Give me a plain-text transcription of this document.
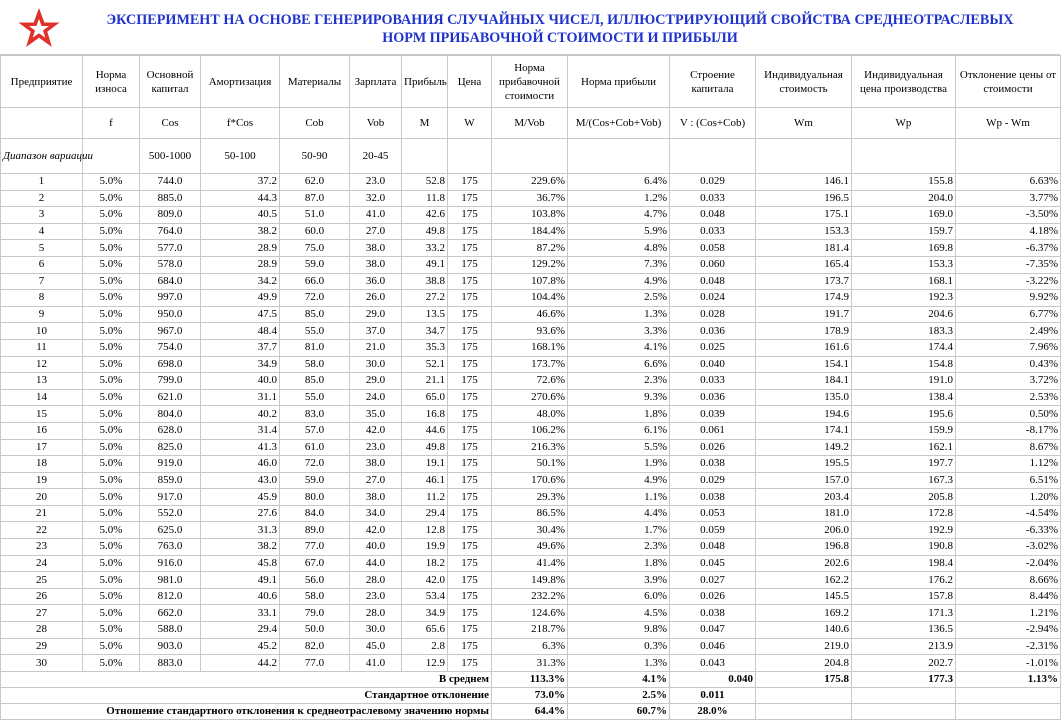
ЭКСПЕРИМЕНТ НА ОСНОВЕ ГЕНЕРИРОВАНИЯ СЛУЧАЙНЫХ ЧИСЕЛ, ИЛЛЮСТРИРУЮЩИЙ СВОЙСТВА СРЕДНЕОТРАСЛЕВЫХ
НОРМ ПРИБАВОЧНОЙ СТОИМОСТИ И ПРИБЫЛИ
Предприятие	Норма износа	Основной капитал	Амортизация	Материалы	Зарплата	Прибыль	Цена	Норма прибавочной стоимости	Норма прибыли	Строение капитала	Индивидуальная стоимость	Индивидуальная цена производства	Отклонение цены от стоимости
	f	Cos	f*Cos	Cob	Vob	M	W	M/Vob	M/(Cos+Cob+Vob)	V : (Cos+Cob)	Wm	Wp	Wp - Wm
Диапазон вариации		500-1000	50-100	50-90	20-45								
1	5.0%	744.0	37.2	62.0	23.0	52.8	175	229.6%	6.4%	0.029	146.1	155.8	6.63%
2	5.0%	885.0	44.3	87.0	32.0	11.8	175	36.7%	1.2%	0.033	196.5	204.0	3.77%
3	5.0%	809.0	40.5	51.0	41.0	42.6	175	103.8%	4.7%	0.048	175.1	169.0	-3.50%
4	5.0%	764.0	38.2	60.0	27.0	49.8	175	184.4%	5.9%	0.033	153.3	159.7	4.18%
5	5.0%	577.0	28.9	75.0	38.0	33.2	175	87.2%	4.8%	0.058	181.4	169.8	-6.37%
6	5.0%	578.0	28.9	59.0	38.0	49.1	175	129.2%	7.3%	0.060	165.4	153.3	-7.35%
7	5.0%	684.0	34.2	66.0	36.0	38.8	175	107.8%	4.9%	0.048	173.7	168.1	-3.22%
8	5.0%	997.0	49.9	72.0	26.0	27.2	175	104.4%	2.5%	0.024	174.9	192.3	9.92%
9	5.0%	950.0	47.5	85.0	29.0	13.5	175	46.6%	1.3%	0.028	191.7	204.6	6.77%
10	5.0%	967.0	48.4	55.0	37.0	34.7	175	93.6%	3.3%	0.036	178.9	183.3	2.49%
11	5.0%	754.0	37.7	81.0	21.0	35.3	175	168.1%	4.1%	0.025	161.6	174.4	7.96%
12	5.0%	698.0	34.9	58.0	30.0	52.1	175	173.7%	6.6%	0.040	154.1	154.8	0.43%
13	5.0%	799.0	40.0	85.0	29.0	21.1	175	72.6%	2.3%	0.033	184.1	191.0	3.72%
14	5.0%	621.0	31.1	55.0	24.0	65.0	175	270.6%	9.3%	0.036	135.0	138.4	2.53%
15	5.0%	804.0	40.2	83.0	35.0	16.8	175	48.0%	1.8%	0.039	194.6	195.6	0.50%
16	5.0%	628.0	31.4	57.0	42.0	44.6	175	106.2%	6.1%	0.061	174.1	159.9	-8.17%
17	5.0%	825.0	41.3	61.0	23.0	49.8	175	216.3%	5.5%	0.026	149.2	162.1	8.67%
18	5.0%	919.0	46.0	72.0	38.0	19.1	175	50.1%	1.9%	0.038	195.5	197.7	1.12%
19	5.0%	859.0	43.0	59.0	27.0	46.1	175	170.6%	4.9%	0.029	157.0	167.3	6.51%
20	5.0%	917.0	45.9	80.0	38.0	11.2	175	29.3%	1.1%	0.038	203.4	205.8	1.20%
21	5.0%	552.0	27.6	84.0	34.0	29.4	175	86.5%	4.4%	0.053	181.0	172.8	-4.54%
22	5.0%	625.0	31.3	89.0	42.0	12.8	175	30.4%	1.7%	0.059	206.0	192.9	-6.33%
23	5.0%	763.0	38.2	77.0	40.0	19.9	175	49.6%	2.3%	0.048	196.8	190.8	-3.02%
24	5.0%	916.0	45.8	67.0	44.0	18.2	175	41.4%	1.8%	0.045	202.6	198.4	-2.04%
25	5.0%	981.0	49.1	56.0	28.0	42.0	175	149.8%	3.9%	0.027	162.2	176.2	8.66%
26	5.0%	812.0	40.6	58.0	23.0	53.4	175	232.2%	6.0%	0.026	145.5	157.8	8.44%
27	5.0%	662.0	33.1	79.0	28.0	34.9	175	124.6%	4.5%	0.038	169.2	171.3	1.21%
28	5.0%	588.0	29.4	50.0	30.0	65.6	175	218.7%	9.8%	0.047	140.6	136.5	-2.94%
29	5.0%	903.0	45.2	82.0	45.0	2.8	175	6.3%	0.3%	0.046	219.0	213.9	-2.31%
30	5.0%	883.0	44.2	77.0	41.0	12.9	175	31.3%	1.3%	0.043	204.8	202.7	-1.01%
В среднем								113.3%	4.1%	0.040	175.8	177.3	1.13%
Стандартное отклонение								73.0%	2.5%	0.011			
Отношение стандартного отклонения к среднеотраслевому значению нормы								64.4%	60.7%	28.0%			
